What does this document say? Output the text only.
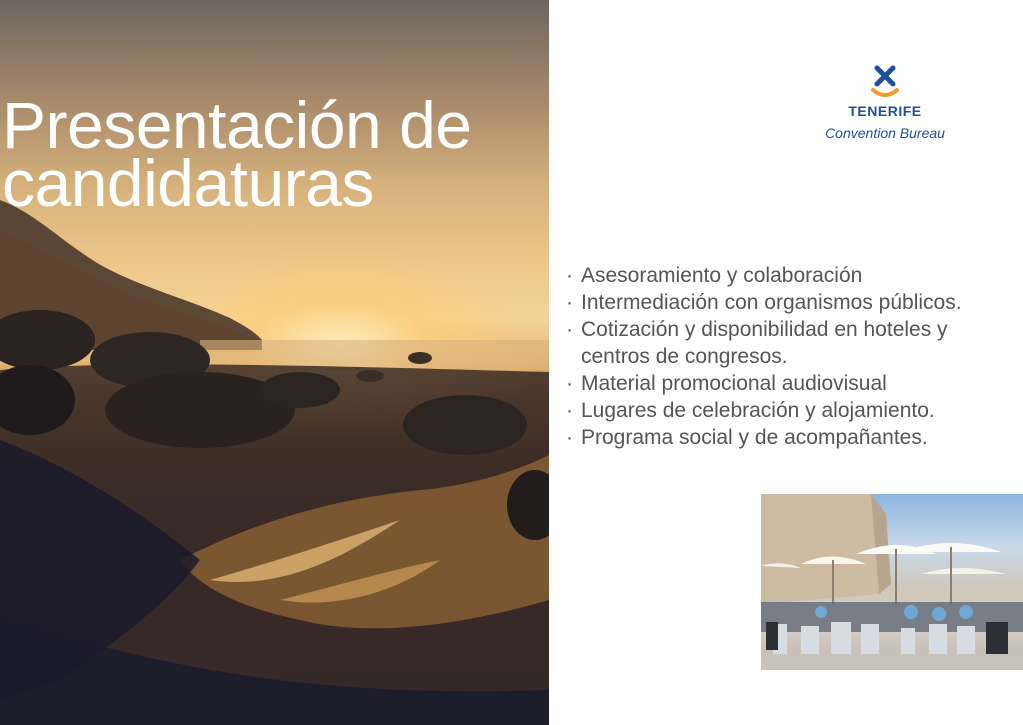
Presentación de candidaturas
TENERIFE
Convention Bureau
· Asesoramiento y colaboración
· Intermediación con organismos públicos.
· Cotización y disponibilidad en hoteles y centros de congresos.
· Material promocional audiovisual
· Lugares de celebración y alojamiento.
· Programa social y de acompañantes.
